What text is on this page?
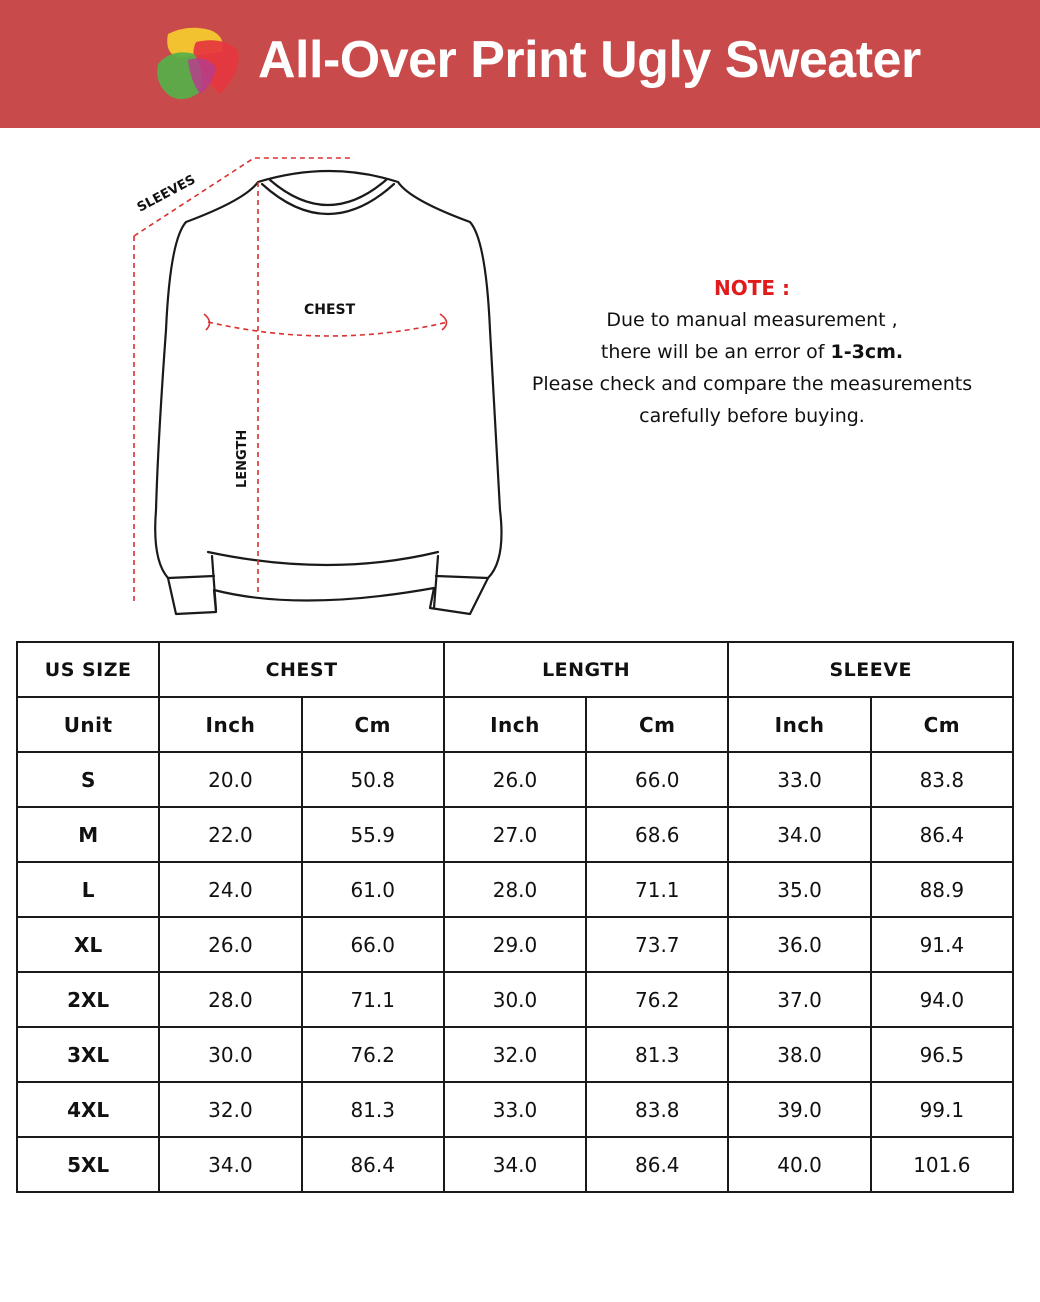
All-Over Print Ugly Sweater
SLEEVES
CHEST
LENGTH
NOTE :
Due to manual measurement ,
there will be an error of 1-3cm.
Please check and compare the measurements
carefully before buying.
US SIZE	CHEST		LENGTH		SLEEVE	
Unit	Inch	Cm	Inch	Cm	Inch	Cm
S	20.0	50.8	26.0	66.0	33.0	83.8
M	22.0	55.9	27.0	68.6	34.0	86.4
L	24.0	61.0	28.0	71.1	35.0	88.9
XL	26.0	66.0	29.0	73.7	36.0	91.4
2XL	28.0	71.1	30.0	76.2	37.0	94.0
3XL	30.0	76.2	32.0	81.3	38.0	96.5
4XL	32.0	81.3	33.0	83.8	39.0	99.1
5XL	34.0	86.4	34.0	86.4	40.0	101.6
